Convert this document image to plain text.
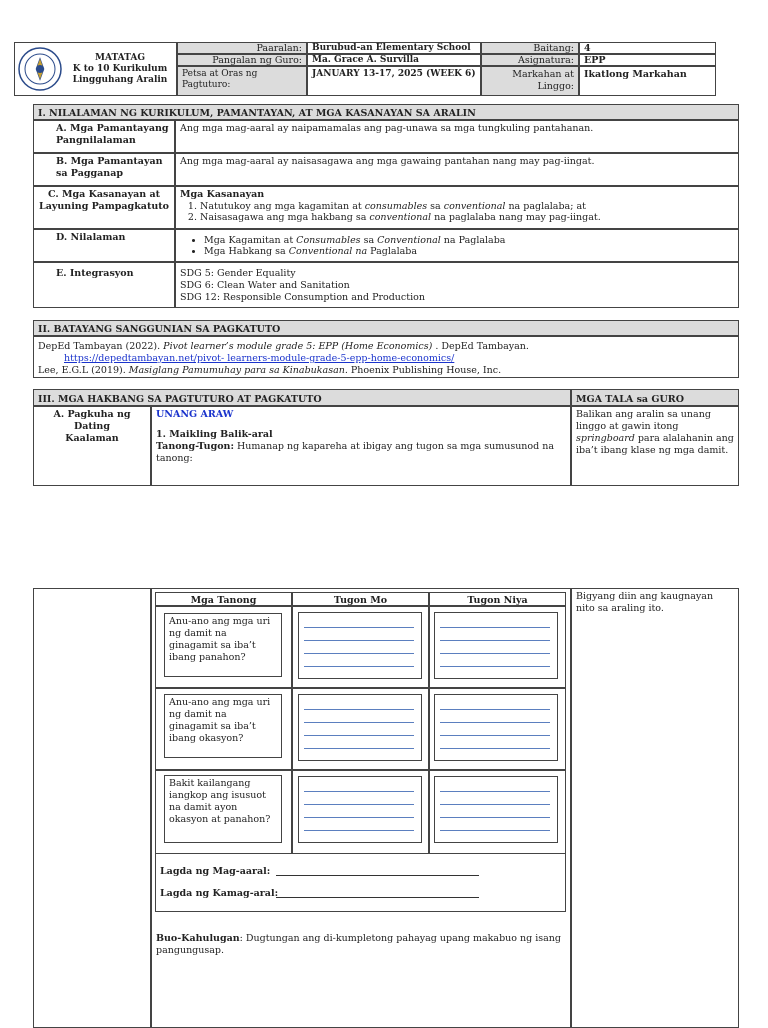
MATATAG
K to 10 Kurikulum
Lingguhang Aralin
Paaralan:	Burubud-an Elementary School	Baitang:	4
Pangalan ng Guro:	Ma. Grace A. Survilla	Asignatura:	EPP
Petsa at Oras ng Pagtuturo:
JANUARY 13-17, 2025 (WEEK 6)	Markahan at Linggo:
Ikatlong Markahan
I. NILALAMAN NG KURIKULUM, PAMANTAYAN, AT MGA KASANAYAN SA ARALIN
A. Mga Pamantayang Pangnilalaman
Ang mga mag-aaral ay naipamamalas ang pag-unawa sa mga tungkuling pantahanan.
B. Mga Pamantayan sa Pagganap
Ang mga mag-aaral ay naisasagawa ang mga gawaing pantahan nang may pag-iingat.
C. Mga Kasanayan at Layuning Pampagkatuto
Mga Kasanayan
1. Natutukoy ang mga kagamitan at consumables sa conventional na paglalaba; at
2. Naisasagawa ang mga hakbang sa conventional na paglalaba nang may pag-iingat.
D. Nilalaman
•	Mga Kagamitan at Consumables sa Conventional na Paglalaba
• Mga Habkang sa Conventional na Paglalaba
E. Integrasyon	SDG 5: Gender Equality
SDG 6: Clean Water and Sanitation
SDG 12: Responsible Consumption and Production
II. BATAYANG SANGGUNIAN SA PAGKATUTO
DepEd Tambayan (2022). Pivot learner’s module grade 5: EPP (Home Economics) . DepEd Tambayan.
https://depedtambayan.net/pivot- learners-module-grade-5-epp-home-economics/
Lee, E.G.L (2019). Masiglang Pamumuhay para sa Kinabukasan. Phoenix Publishing House, Inc.
III. MGA HAKBANG SA PAGTUTURO AT PAGKATUTO	MGA TALA sa GURO
A. Pagkuha ng Dating Kaalaman
UNANG ARAW
1. Maikling Balik-aral
Tanong-Tugon: Humanap ng kapareha at ibigay ang tugon sa mga sumusunod na tanong:
Balikan ang aralin sa unang linggo at gawin itong springboard para alalahanin ang iba’t ibang klase ng mga damit.
Bigyang diin ang kaugnayan nito sa araling ito.
Mga Tanong	Tugon Mo	Tugon Niya
Anu-ano ang mga uri ng damit na ginagamit sa iba’t ibang panahon?
Anu-ano ang mga uri ng damit na ginagamit sa iba’t ibang okasyon?
Bakit kailangang iangkop ang isusuot na damit ayon okasyon at panahon?
Lagda ng Mag-aaral:
Lagda ng Kamag-aral:
Buo-Kahulugan: Dugtungan ang di-kumpletong pahayag upang makabuo ng isang pangungusap.
